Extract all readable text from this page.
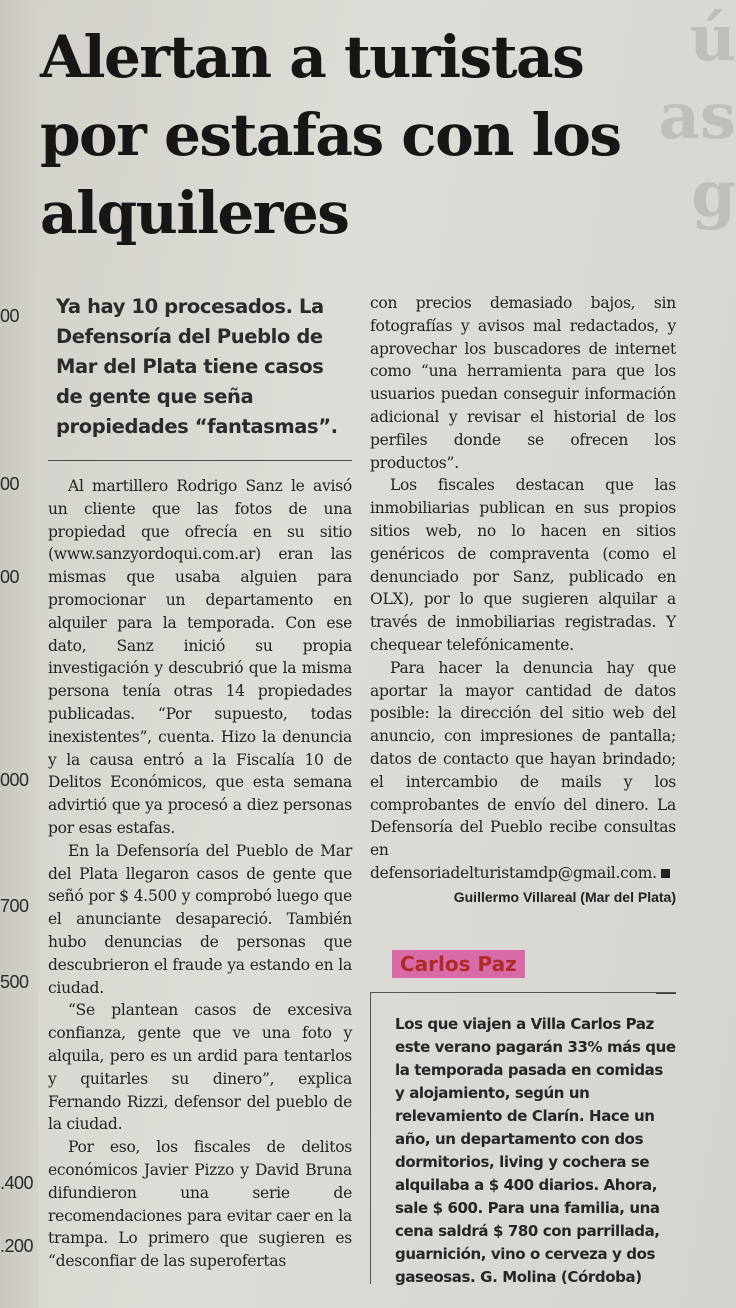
ú
as
g
00
00
00
000
700
500
.400
.200
Alertan a turistas por estafas con los alquileres

Ya hay 10 procesados. La Defensoría del Pueblo de Mar del Plata tiene casos de gente que seña propiedades “fantasmas”.

Al martillero Rodrigo Sanz le avisó un cliente que las fotos de una propiedad que ofrecía en su sitio (www.sanzyordoqui.com.ar) eran las mismas que usaba alguien para promocionar un departamento en alquiler para la temporada. Con ese dato, Sanz inició su propia investigación y descubrió que la misma persona tenía otras 14 propiedades publicadas. “Por supuesto, todas inexistentes”, cuenta. Hizo la denuncia y la causa entró a la Fiscalía 10 de Delitos Económicos, que esta semana advirtió que ya procesó a diez personas por esas estafas.

En la Defensoría del Pueblo de Mar del Plata llegaron casos de gente que señó por $ 4.500 y comprobó luego que el anunciante desapareció. También hubo denuncias de personas que descubrieron el fraude ya estando en la ciudad.

“Se plantean casos de excesiva confianza, gente que ve una foto y alquila, pero es un ardid para tentarlos y quitarles su dinero”, explica Fernando Rizzi, defensor del pueblo de la ciudad.

Por eso, los fiscales de delitos económicos Javier Pizzo y David Bruna difundieron una serie de recomendaciones para evitar caer en la trampa. Lo primero que sugieren es “desconfiar de las superofertas

con precios demasiado bajos, sin fotografías y avisos mal redactados, y aprovechar los buscadores de internet como “una herramienta para que los usuarios puedan conseguir información adicional y revisar el historial de los perfiles donde se ofrecen los productos”.

Los fiscales destacan que las inmobiliarias publican en sus propios sitios web, no lo hacen en sitios genéricos de compraventa (como el denunciado por Sanz, publicado en OLX), por lo que sugieren alquilar a través de inmobiliarias registradas. Y chequear telefónicamente.

Para hacer la denuncia hay que aportar la mayor cantidad de datos posible: la dirección del sitio web del anuncio, con impresiones de pantalla; datos de contacto que hayan brindado; el intercambio de mails y los comprobantes de envío del dinero. La Defensoría del Pueblo recibe consultas en defensoriadelturistamdp@gmail.com.

Guillermo Villareal (Mar del Plata)
Carlos Paz

Los que viajen a Villa Carlos Paz este verano pagarán 33% más que la temporada pasada en comidas y alojamiento, según un relevamiento de Clarín. Hace un año, un departamento con dos dormitorios, living y cochera se alquilaba a $ 400 diarios. Ahora, sale $ 600. Para una familia, una cena saldrá $ 780 con parrillada, guarnición, vino o cerveza y dos gaseosas. G. Molina (Córdoba)
